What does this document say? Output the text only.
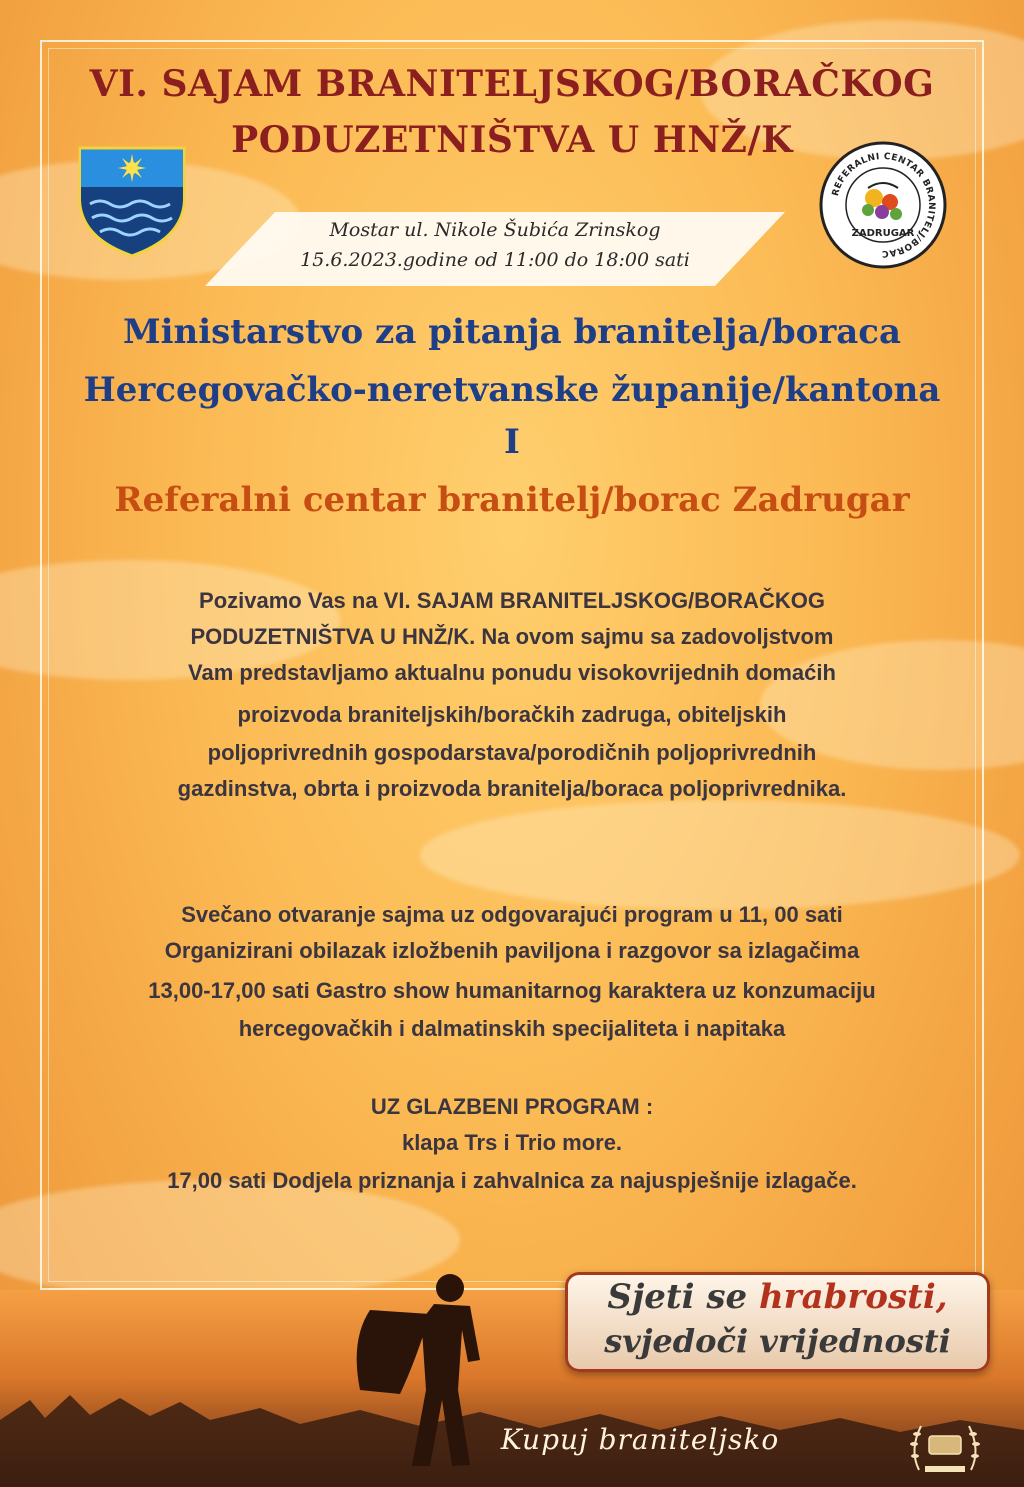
VI. SAJAM BRANITELJSKOG/BORAČKOG
PODUZETNIŠTVA U HNŽ/K
Mostar ul. Nikole Šubića Zrinskog
15.6.2023.godine od 11:00 do 18:00 sati
REFERALNI CENTAR BRANITELJ/BORAC
ZADRUGAR
Ministarstvo za pitanja branitelja/boraca
Hercegovačko-neretvanske županije/kantona
I
Referalni centar branitelj/borac Zadrugar
Pozivamo Vas na VI. SAJAM BRANITELJSKOG/BORAČKOG
PODUZETNIŠTVA U HNŽ/K. Na ovom sajmu sa zadovoljstvom
Vam predstavljamo aktualnu ponudu visokovrijednih domaćih
proizvoda braniteljskih/boračkih zadruga, obiteljskih
poljoprivrednih gospodarstava/porodičnih poljoprivrednih
gazdinstva, obrta i proizvoda branitelja/boraca poljoprivrednika.
Svečano otvaranje sajma uz odgovarajući program u 11, 00 sati
Organizirani obilazak izložbenih paviljona i razgovor sa izlagačima
13,00-17,00 sati Gastro show humanitarnog karaktera uz konzumaciju
hercegovačkih i dalmatinskih specijaliteta i napitaka
UZ GLAZBENI PROGRAM :
klapa Trs i Trio more.
17,00 sati Dodjela priznanja i zahvalnica za najuspješnije izlagače.
Sjeti se hrabrosti,
svjedoči vrijednosti
Kupuj braniteljsko
